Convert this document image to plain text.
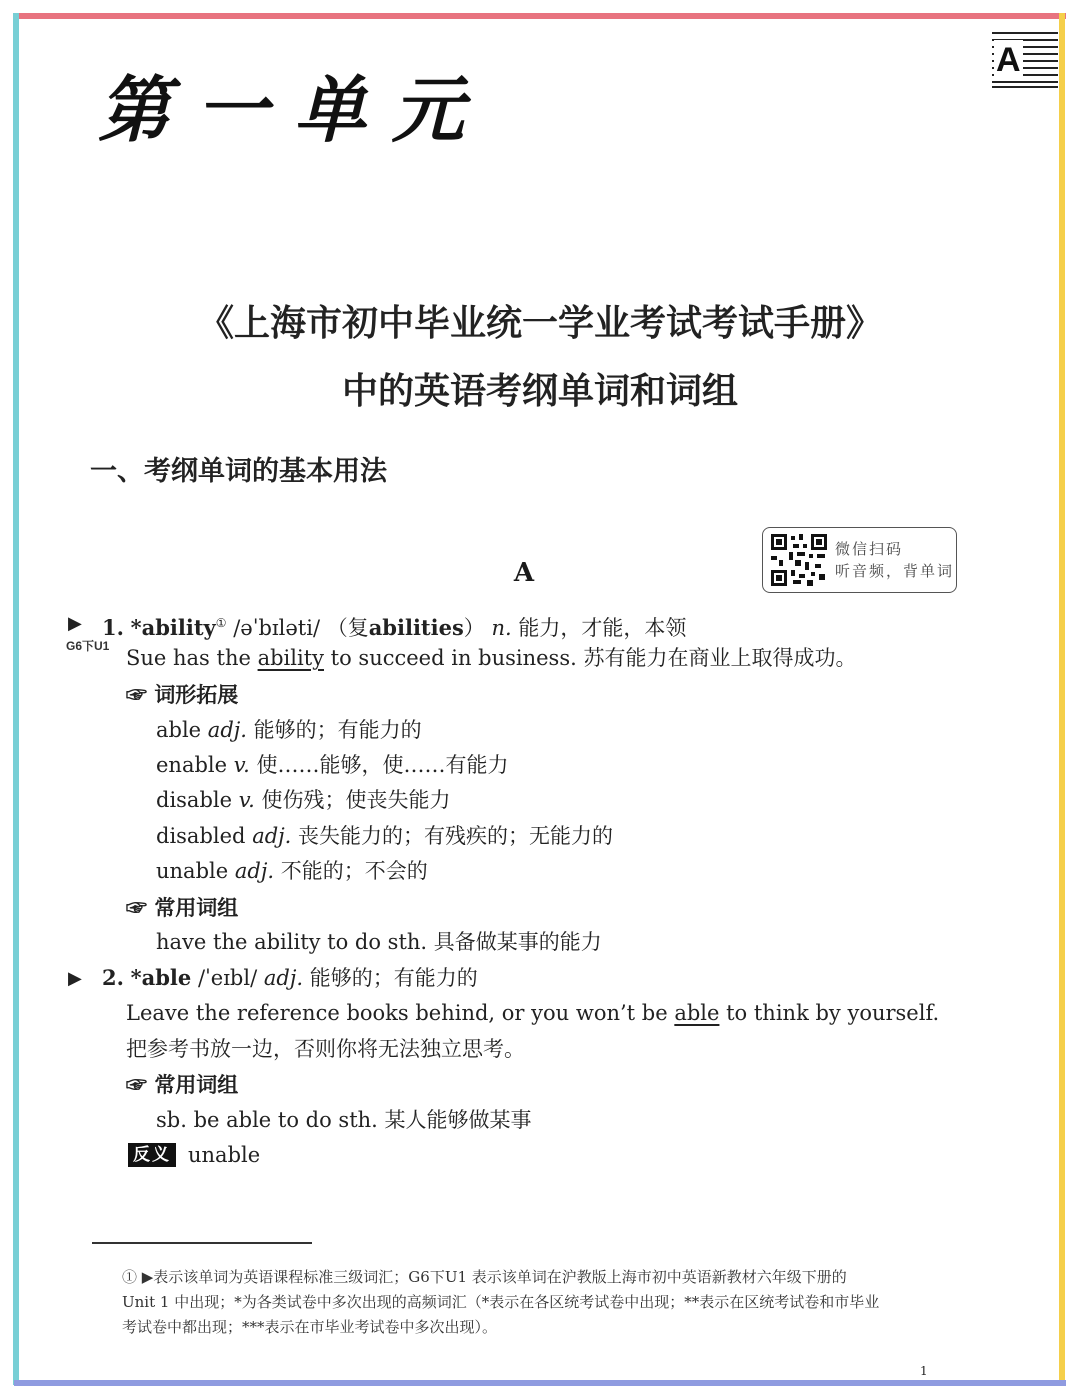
A
第一单元
《上海市初中毕业统一学业考试考试手册》
中的英语考纲单词和词组
一、考纲单词的基本用法
微信扫码
听音频，背单词
A
▶ 1. *ability① /əˈbɪləti/ （复abilities） n. 能力，才能，本领
G6下U1 Sue has the ability to succeed in business. 苏有能力在商业上取得成功。
☞ 词形拓展
able adj. 能够的；有能力的
enable v. 使……能够，使……有能力
disable v. 使伤残；使丧失能力
disabled adj. 丧失能力的；有残疾的；无能力的
unable adj. 不能的；不会的
☞ 常用词组
have the ability to do sth. 具备做某事的能力
▶ 2. *able /ˈeɪbl/ adj. 能够的；有能力的
Leave the reference books behind, or you won’t be able to think by yourself.
把参考书放一边，否则你将无法独立思考。
☞ 常用词组
sb. be able to do sth. 某人能够做某事
反义 unable
① ▶表示该单词为英语课程标准三级词汇；G6下U1 表示该单词在沪教版上海市初中英语新教材六年级下册的
Unit 1 中出现；*为各类试卷中多次出现的高频词汇（*表示在各区统考试卷中出现；**表示在区统考试卷和市毕业
考试卷中都出现；***表示在市毕业考试卷中多次出现）。
1
